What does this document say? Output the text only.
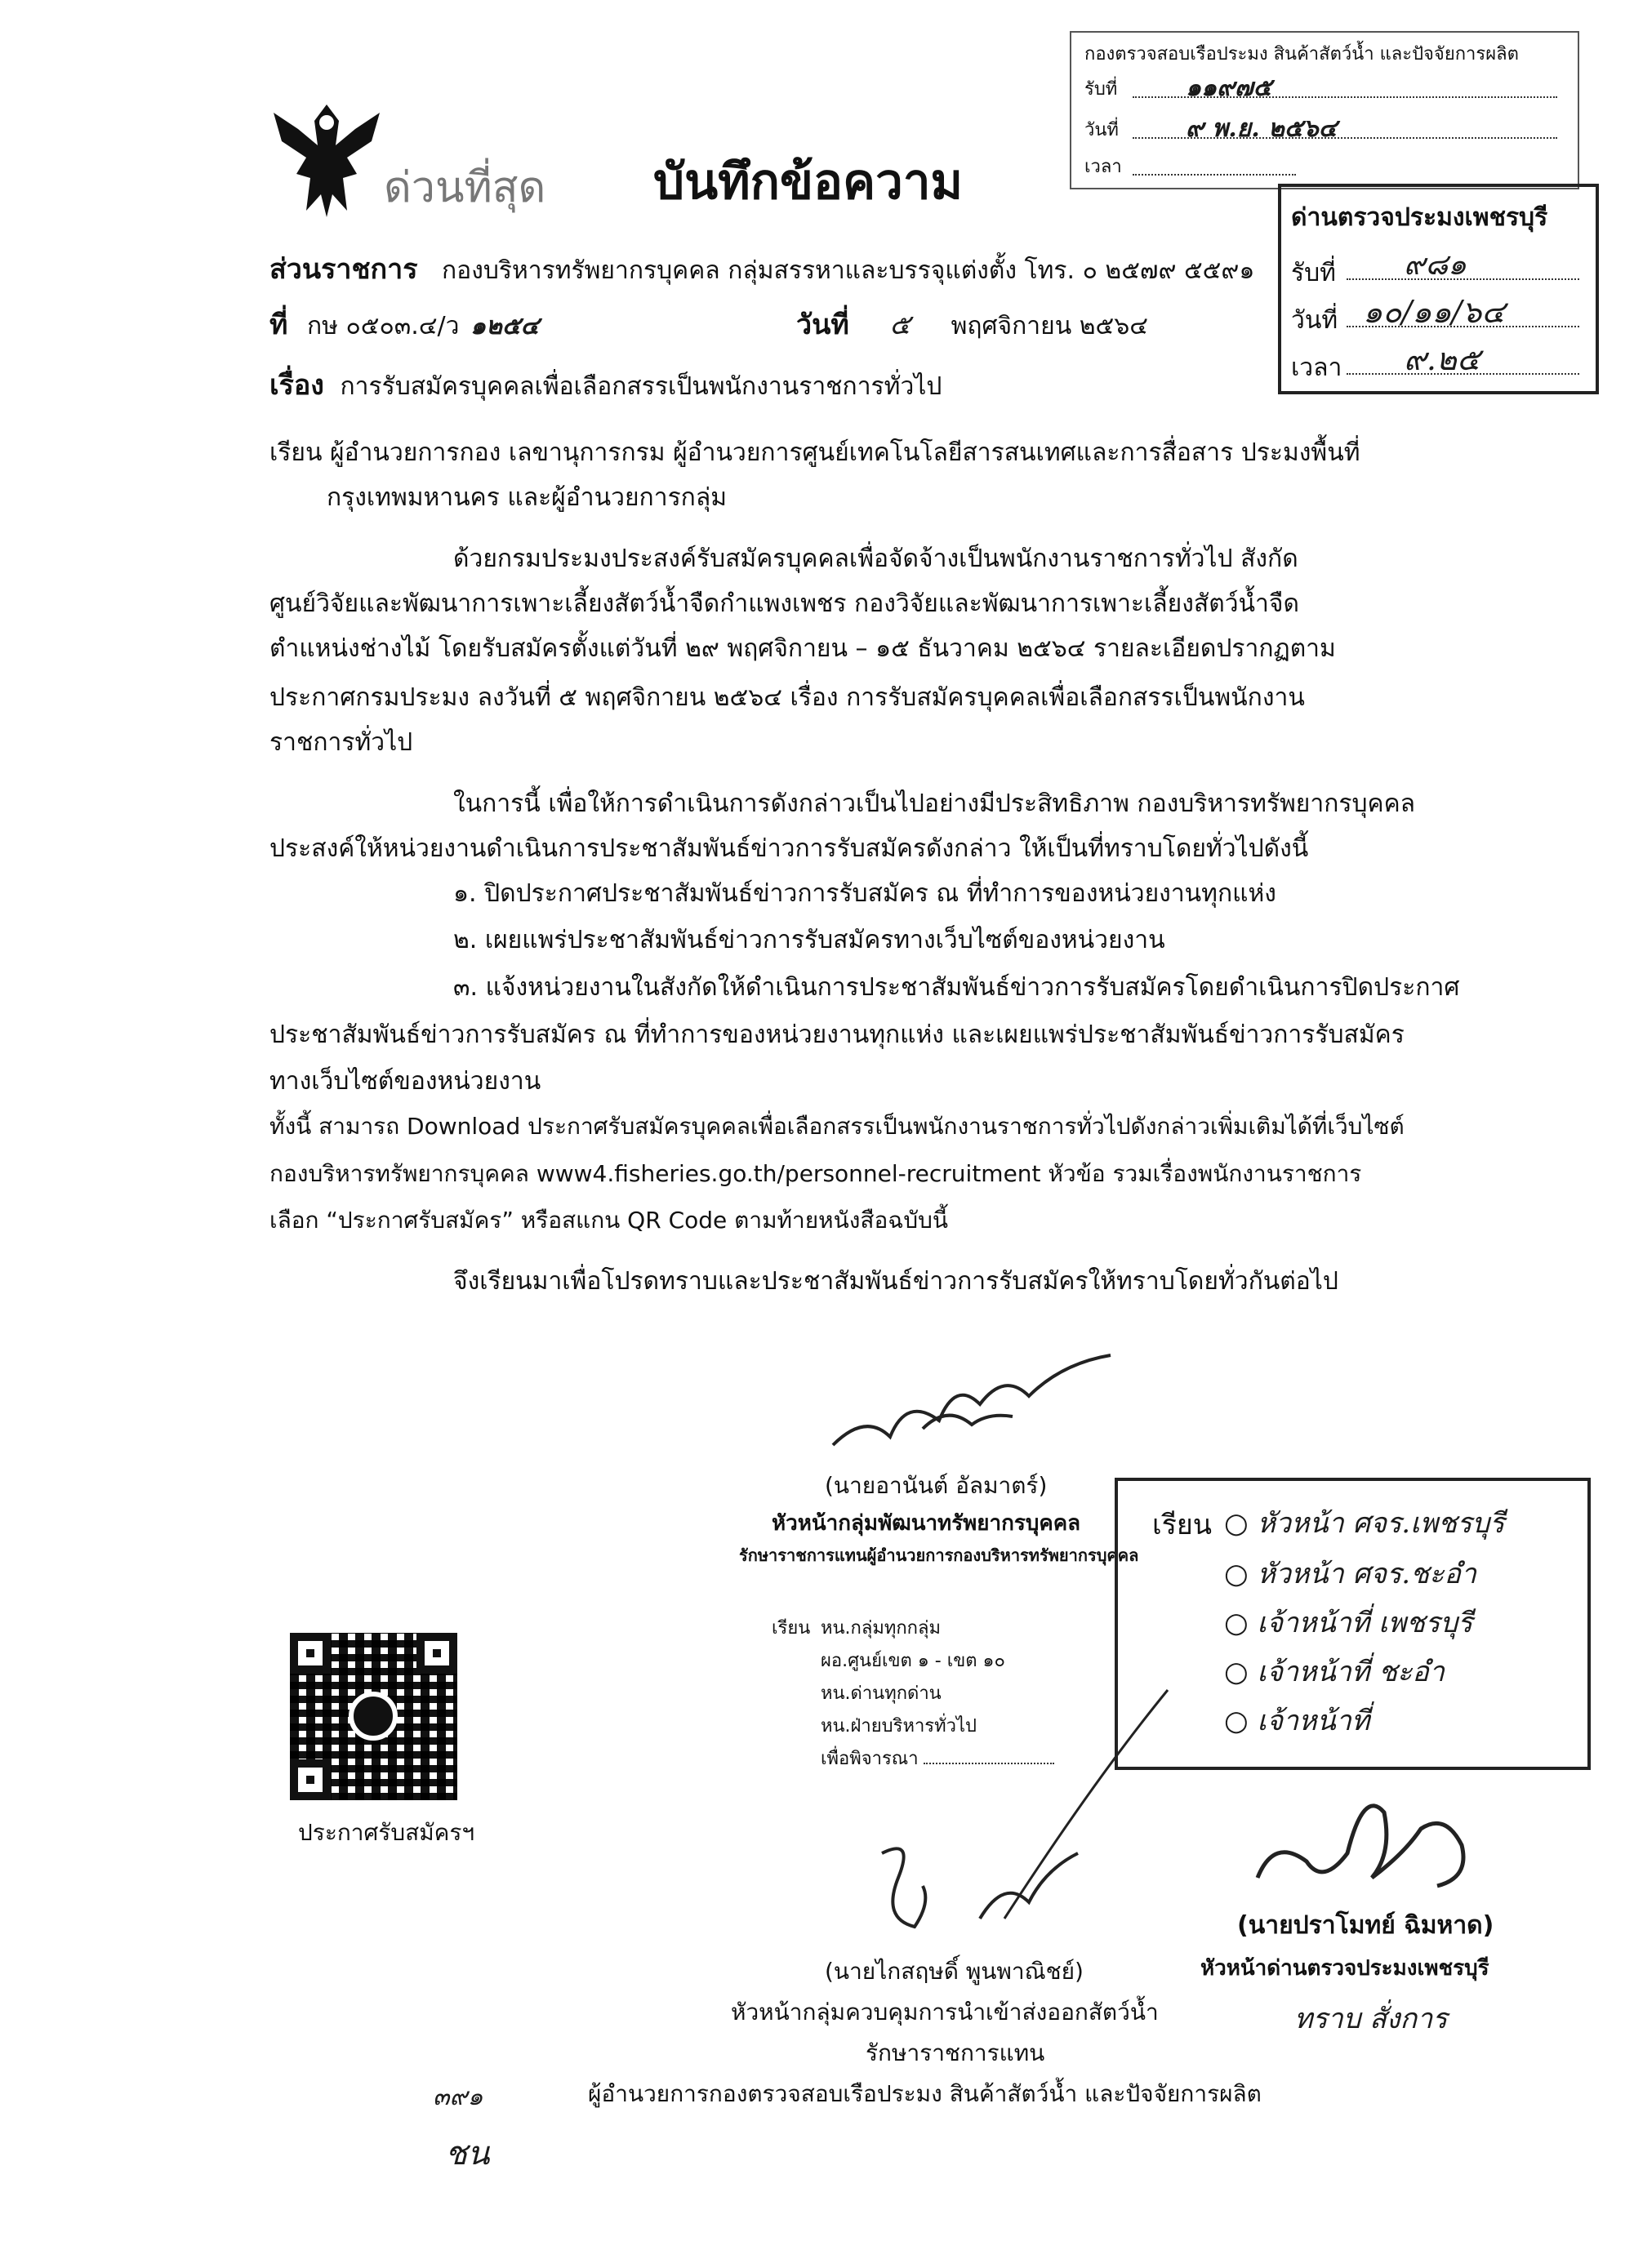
กองตรวจสอบเรือประมง สินค้าสัตว์น้ำ และปัจจัยการผลิต
รับที่	๑๑๙๗๕
วันที่	๙ พ.ย. ๒๕๖๔
เวลา
ด่วนที่สุด บันทึกข้อความ
ด่านตรวจประมงเพชรบุรี
รับที่ ๙๘๑
วันที่ ๑๐/๑๑/๖๔
เวลา ๙.๒๕
ส่วนราชการ กองบริหารทรัพยากรบุคคล กลุ่มสรรหาและบรรจุแต่งตั้ง โทร. ๐ ๒๕๗๙ ๕๕๙๑
ที่ กษ ๐๕๐๓.๔/ว ๑๒๕๔	วันที่ ๕ พฤศจิกายน ๒๕๖๔
เรื่อง การรับสมัครบุคคลเพื่อเลือกสรรเป็นพนักงานราชการทั่วไป
เรียน ผู้อำนวยการกอง เลขานุการกรม ผู้อำนวยการศูนย์เทคโนโลยีสารสนเทศและการสื่อสาร ประมงพื้นที่
กรุงเทพมหานคร และผู้อำนวยการกลุ่ม
ด้วยกรมประมงประสงค์รับสมัครบุคคลเพื่อจัดจ้างเป็นพนักงานราชการทั่วไป สังกัด
ศูนย์วิจัยและพัฒนาการเพาะเลี้ยงสัตว์น้ำจืดกำแพงเพชร กองวิจัยและพัฒนาการเพาะเลี้ยงสัตว์น้ำจืด
ตำแหน่งช่างไม้ โดยรับสมัครตั้งแต่วันที่ ๒๙ พฤศจิกายน – ๑๕ ธันวาคม ๒๕๖๔ รายละเอียดปรากฏตาม
ประกาศกรมประมง ลงวันที่ ๕ พฤศจิกายน ๒๕๖๔ เรื่อง การรับสมัครบุคคลเพื่อเลือกสรรเป็นพนักงาน
ราชการทั่วไป
ในการนี้ เพื่อให้การดำเนินการดังกล่าวเป็นไปอย่างมีประสิทธิภาพ กองบริหารทรัพยากรบุคคล
ประสงค์ให้หน่วยงานดำเนินการประชาสัมพันธ์ข่าวการรับสมัครดังกล่าว ให้เป็นที่ทราบโดยทั่วไปดังนี้
๑. ปิดประกาศประชาสัมพันธ์ข่าวการรับสมัคร ณ ที่ทำการของหน่วยงานทุกแห่ง
๒. เผยแพร่ประชาสัมพันธ์ข่าวการรับสมัครทางเว็บไซต์ของหน่วยงาน
๓. แจ้งหน่วยงานในสังกัดให้ดำเนินการประชาสัมพันธ์ข่าวการรับสมัครโดยดำเนินการปิดประกาศ
ประชาสัมพันธ์ข่าวการรับสมัคร ณ ที่ทำการของหน่วยงานทุกแห่ง และเผยแพร่ประชาสัมพันธ์ข่าวการรับสมัคร
ทางเว็บไซต์ของหน่วยงาน
ทั้งนี้ สามารถ Download ประกาศรับสมัครบุคคลเพื่อเลือกสรรเป็นพนักงานราชการทั่วไปดังกล่าวเพิ่มเติมได้ที่เว็บไซต์
กองบริหารทรัพยากรบุคคล www4.fisheries.go.th/personnel-recruitment หัวข้อ รวมเรื่องพนักงานราชการ
เลือก “ประกาศรับสมัคร” หรือสแกน QR Code ตามท้ายหนังสือฉบับนี้
จึงเรียนมาเพื่อโปรดทราบและประชาสัมพันธ์ข่าวการรับสมัครให้ทราบโดยทั่วกันต่อไป
(นายอานันต์ อัลมาตร์)
หัวหน้ากลุ่มพัฒนาทรัพยากรบุคคล
รักษาราชการแทนผู้อำนวยการกองบริหารทรัพยากรบุคคล
เรียน หน.กลุ่มทุกกลุ่ม
ผอ.ศูนย์เขต ๑ - เขต ๑๐
หน.ด่านทุกด่าน
หน.ฝ่ายบริหารทั่วไป
เพื่อพิจารณา
ประกาศรับสมัครฯ
เรียน ○ หัวหน้า ศจร.เพชรบุรี
○ หัวหน้า ศจร.ชะอำ
○ เจ้าหน้าที่ เพชรบุรี
○ เจ้าหน้าที่ ชะอำ
○ เจ้าหน้าที่
(นายปราโมทย์ ฉิมหาด)
หัวหน้าด่านตรวจประมงเพชรบุรี
ทราบ สั่งการ
(นายไกสฤษดิ์ พูนพาณิชย์)
หัวหน้ากลุ่มควบคุมการนำเข้าส่งออกสัตว์น้ำ
รักษาราชการแทน
ผู้อำนวยการกองตรวจสอบเรือประมง สินค้าสัตว์น้ำ และปัจจัยการผลิต
๓๙๑
ชน
